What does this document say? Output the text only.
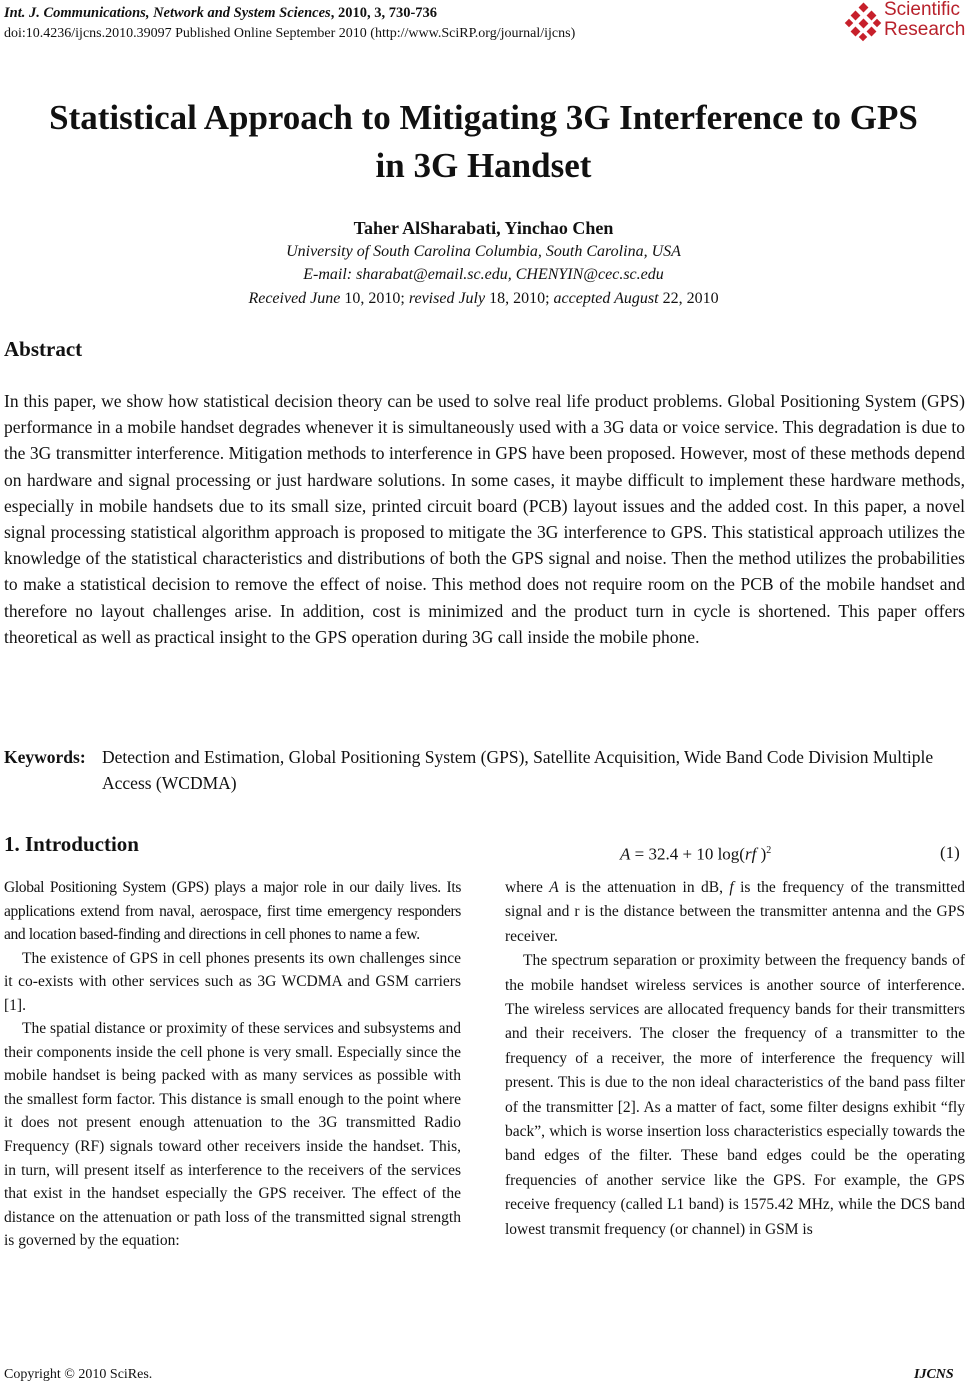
Int. J. Communications, Network and System Sciences, 2010, 3, 730-736
doi:10.4236/ijcns.2010.39097 Published Online September 2010 (http://www.SciRP.org/journal/ijcns)
Scientific
Research
Statistical Approach to Mitigating 3G Interference to GPS
in 3G Handset
Taher AlSharabati, Yinchao Chen
University of South Carolina Columbia, South Carolina, USA
E-mail: sharabat@email.sc.edu, CHENYIN@cec.sc.edu
Received June 10, 2010; revised July 18, 2010; accepted August 22, 2010
Abstract
In this paper, we show how statistical decision theory can be used to solve real life product problems. Global Positioning System (GPS) performance in a mobile handset degrades whenever it is simultaneously used with a 3G data or voice service. This degradation is due to the 3G transmitter interference. Mitigation methods to interference in GPS have been proposed. However, most of these methods depend on hardware and signal processing or just hardware solutions. In some cases, it maybe difficult to implement these hardware methods, especially in mobile handsets due to its small size, printed circuit board (PCB) layout issues and the added cost. In this paper, a novel signal processing statistical algorithm approach is proposed to mitigate the 3G interference to GPS. This statistical approach utilizes the knowledge of the statistical characteristics and distributions of both the GPS signal and noise. Then the method utilizes the probabilities to make a statistical decision to remove the effect of noise. This method does not require room on the PCB of the mobile handset and therefore no layout challenges arise. In addition, cost is minimized and the product turn in cycle is shortened. This paper offers theoretical as well as practical insight to the GPS operation during 3G call inside the mobile phone.
Keywords: Detection and Estimation, Global Positioning System (GPS), Satellite Acquisition, Wide Band Code Division Multiple Access (WCDMA)
1. Introduction

Global Positioning System (GPS) plays a major role in our daily lives. Its applications extend from naval, aerospace, first time emergency responders and location based-finding and directions in cell phones to name a few.

The existence of GPS in cell phones presents its own challenges since it co-exists with other services such as 3G WCDMA and GSM carriers [1].

The spatial distance or proximity of these services and subsystems and their components inside the cell phone is very small. Especially since the mobile handset is being packed with as many services as possible with the smallest form factor. This distance is small enough to the point where it does not present enough attenuation to the 3G transmitted Radio Frequency (RF) signals toward other receivers inside the handset. This, in turn, will present itself as interference to the receivers of the services that exist in the handset especially the GPS receiver. The effect of the distance on the attenuation or path loss of the transmitted signal strength is governed by the equation:

A = 32.4 + 10 log(rf )$^2$	(1)

where A is the attenuation in dB, f is the frequency of the transmitted signal and r is the distance between the transmitter antenna and the GPS receiver.

The spectrum separation or proximity between the frequency bands of the mobile handset wireless services is another source of interference. The wireless services are allocated frequency bands for their transmitters and their receivers. The closer the frequency of a transmitter to the frequency of a receiver, the more of interference the frequency will present. This is due to the non ideal characteristics of the band pass filter of the transmitter [2]. As a matter of fact, some filter designs exhibit “fly back”, which is worse insertion loss characteristics especially towards the band edges of the filter. These band edges could be the operating frequencies of another service like the GPS. For example, the GPS receive frequency (called L1 band) is 1575.42 MHz, while the DCS band lowest transmit frequency (or channel) in GSM is

Copyright © 2010 SciRes.	IJCNS
